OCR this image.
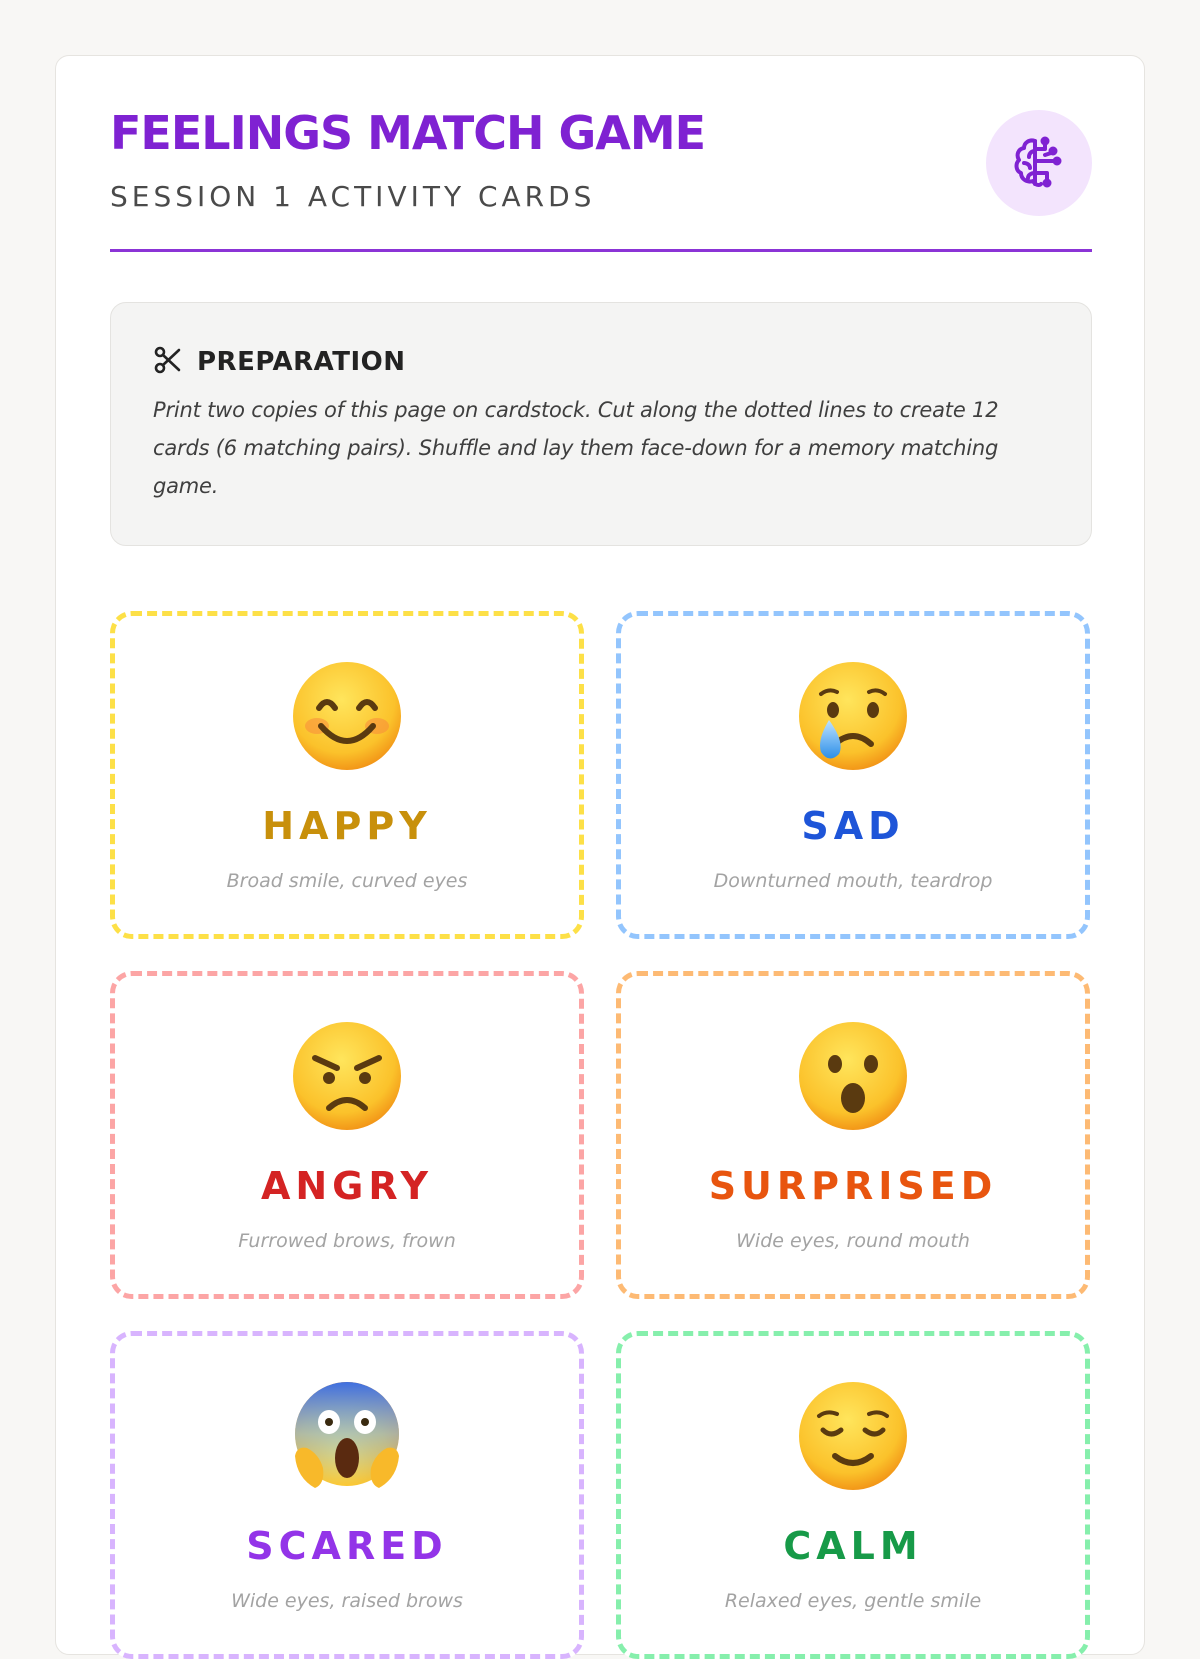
FEELINGS MATCH GAME
SESSION 1 ACTIVITY CARDS
PREPARATION

Print two copies of this page on cardstock. Cut along the dotted lines to create 12 cards (6 matching pairs). Shuffle and lay them face-down for a memory matching game.

HAPPY
Broad smile, curved eyes
SAD
Downturned mouth, teardrop
ANGRY
Furrowed brows, frown
SURPRISED
Wide eyes, round mouth
SCARED
Wide eyes, raised brows
CALM
Relaxed eyes, gentle smile
